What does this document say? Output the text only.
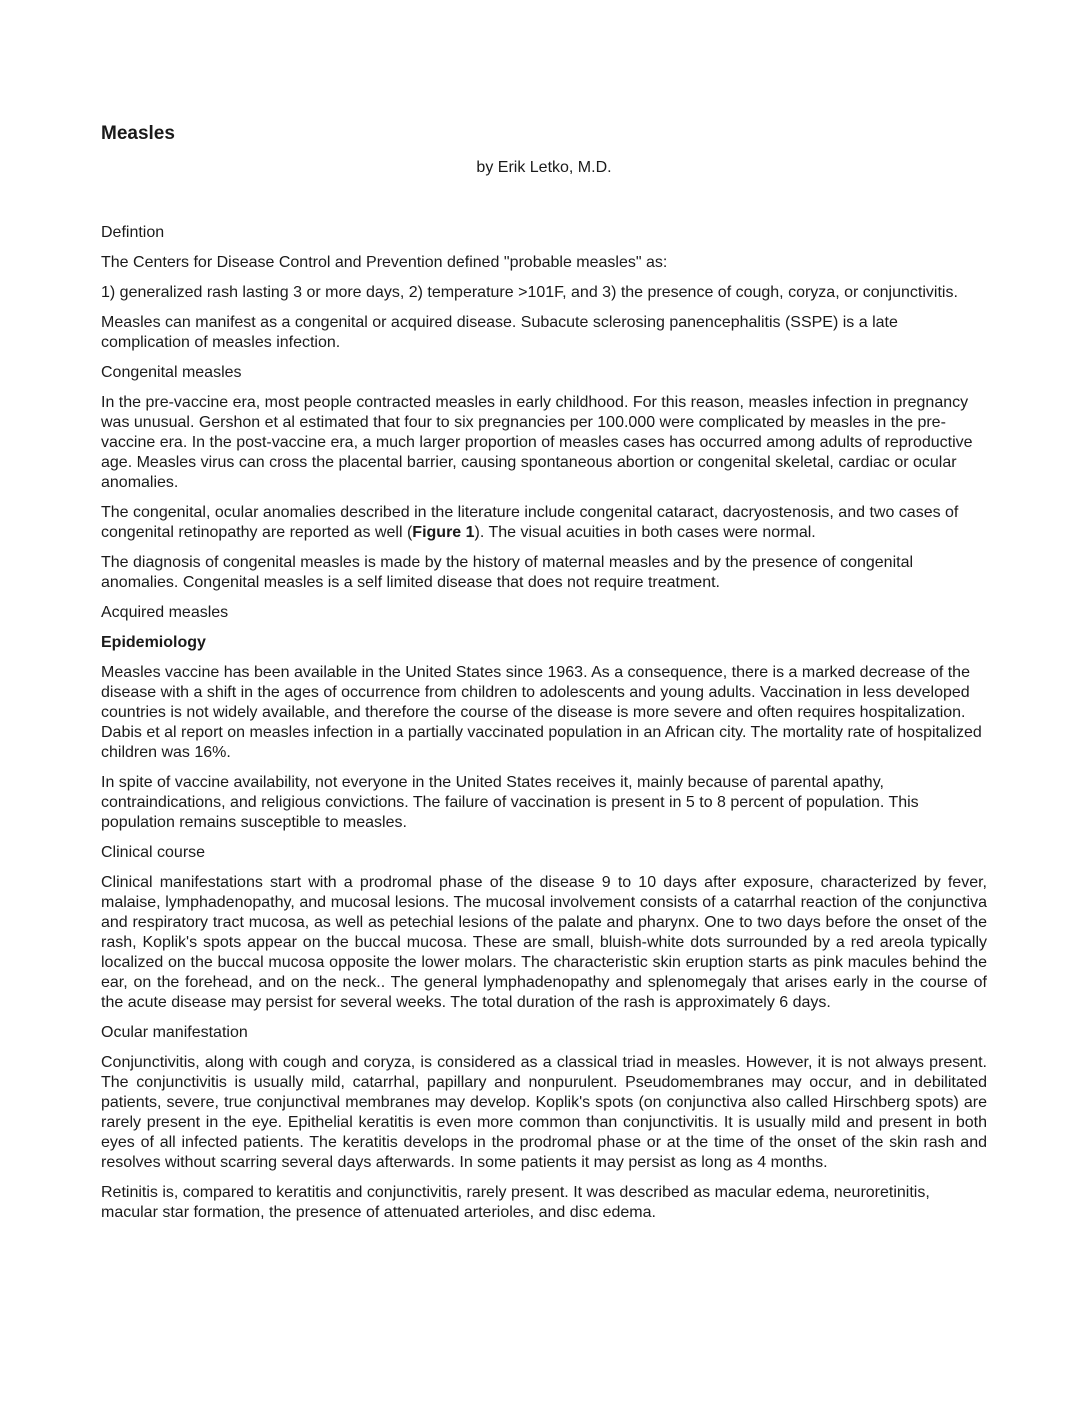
Measles

by Erik Letko, M.D.

Defintion

The Centers for Disease Control and Prevention defined "probable measles" as:

1) generalized rash lasting 3 or more days, 2) temperature >101F, and 3) the presence of cough, coryza, or conjunctivitis.

Measles can manifest as a congenital or acquired disease. Subacute sclerosing panencephalitis (SSPE) is a late complication of measles infection.

Congenital measles

In the pre-vaccine era, most people contracted measles in early childhood. For this reason, measles infection in pregnancy was unusual. Gershon et al estimated that four to six pregnancies per 100.000 were complicated by measles in the pre-vaccine era. In the post-vaccine era, a much larger proportion of measles cases has occurred among adults of reproductive age. Measles virus can cross the placental barrier, causing spontaneous abortion or congenital skeletal, cardiac or ocular anomalies.

The congenital, ocular anomalies described in the literature include congenital cataract, dacryostenosis, and two cases of congenital retinopathy are reported as well (Figure 1). The visual acuities in both cases were normal.

The diagnosis of congenital measles is made by the history of maternal measles and by the presence of congenital anomalies. Congenital measles is a self limited disease that does not require treatment.

Acquired measles

Epidemiology

Measles vaccine has been available in the United States since 1963. As a consequence, there is a marked decrease of the disease with a shift in the ages of occurrence from children to adolescents and young adults. Vaccination in less developed countries is not widely available, and therefore the course of the disease is more severe and often requires hospitalization. Dabis et al report on measles infection in a partially vaccinated population in an African city. The mortality rate of hospitalized children was 16%.

In spite of vaccine availability, not everyone in the United States receives it, mainly because of parental apathy, contraindications, and religious convictions. The failure of vaccination is present in 5 to 8 percent of population. This population remains susceptible to measles.

Clinical course

Clinical manifestations start with a prodromal phase of the disease 9 to 10 days after exposure, characterized by fever, malaise, lymphadenopathy, and mucosal lesions. The mucosal involvement consists of a catarrhal reaction of the conjunctiva and respiratory tract mucosa, as well as petechial lesions of the palate and pharynx. One to two days before the onset of the rash, Koplik's spots appear on the buccal mucosa. These are small, bluish-white dots surrounded by a red areola typically localized on the buccal mucosa opposite the lower molars. The characteristic skin eruption starts as pink macules behind the ear, on the forehead, and on the neck.. The general lymphadenopathy and splenomegaly that arises early in the course of the acute disease may persist for several weeks. The total duration of the rash is approximately 6 days.

Ocular manifestation

Conjunctivitis, along with cough and coryza, is considered as a classical triad in measles. However, it is not always present. The conjunctivitis is usually mild, catarrhal, papillary and nonpurulent. Pseudomembranes may occur, and in debilitated patients, severe, true conjunctival membranes may develop. Koplik's spots (on conjunctiva also called Hirschberg spots) are rarely present in the eye. Epithelial keratitis is even more common than conjunctivitis. It is usually mild and present in both eyes of all infected patients. The keratitis develops in the prodromal phase or at the time of the onset of the skin rash and resolves without scarring several days afterwards. In some patients it may persist as long as 4 months.

Retinitis is, compared to keratitis and conjunctivitis, rarely present. It was described as macular edema, neuroretinitis, macular star formation, the presence of attenuated arterioles, and disc edema.
